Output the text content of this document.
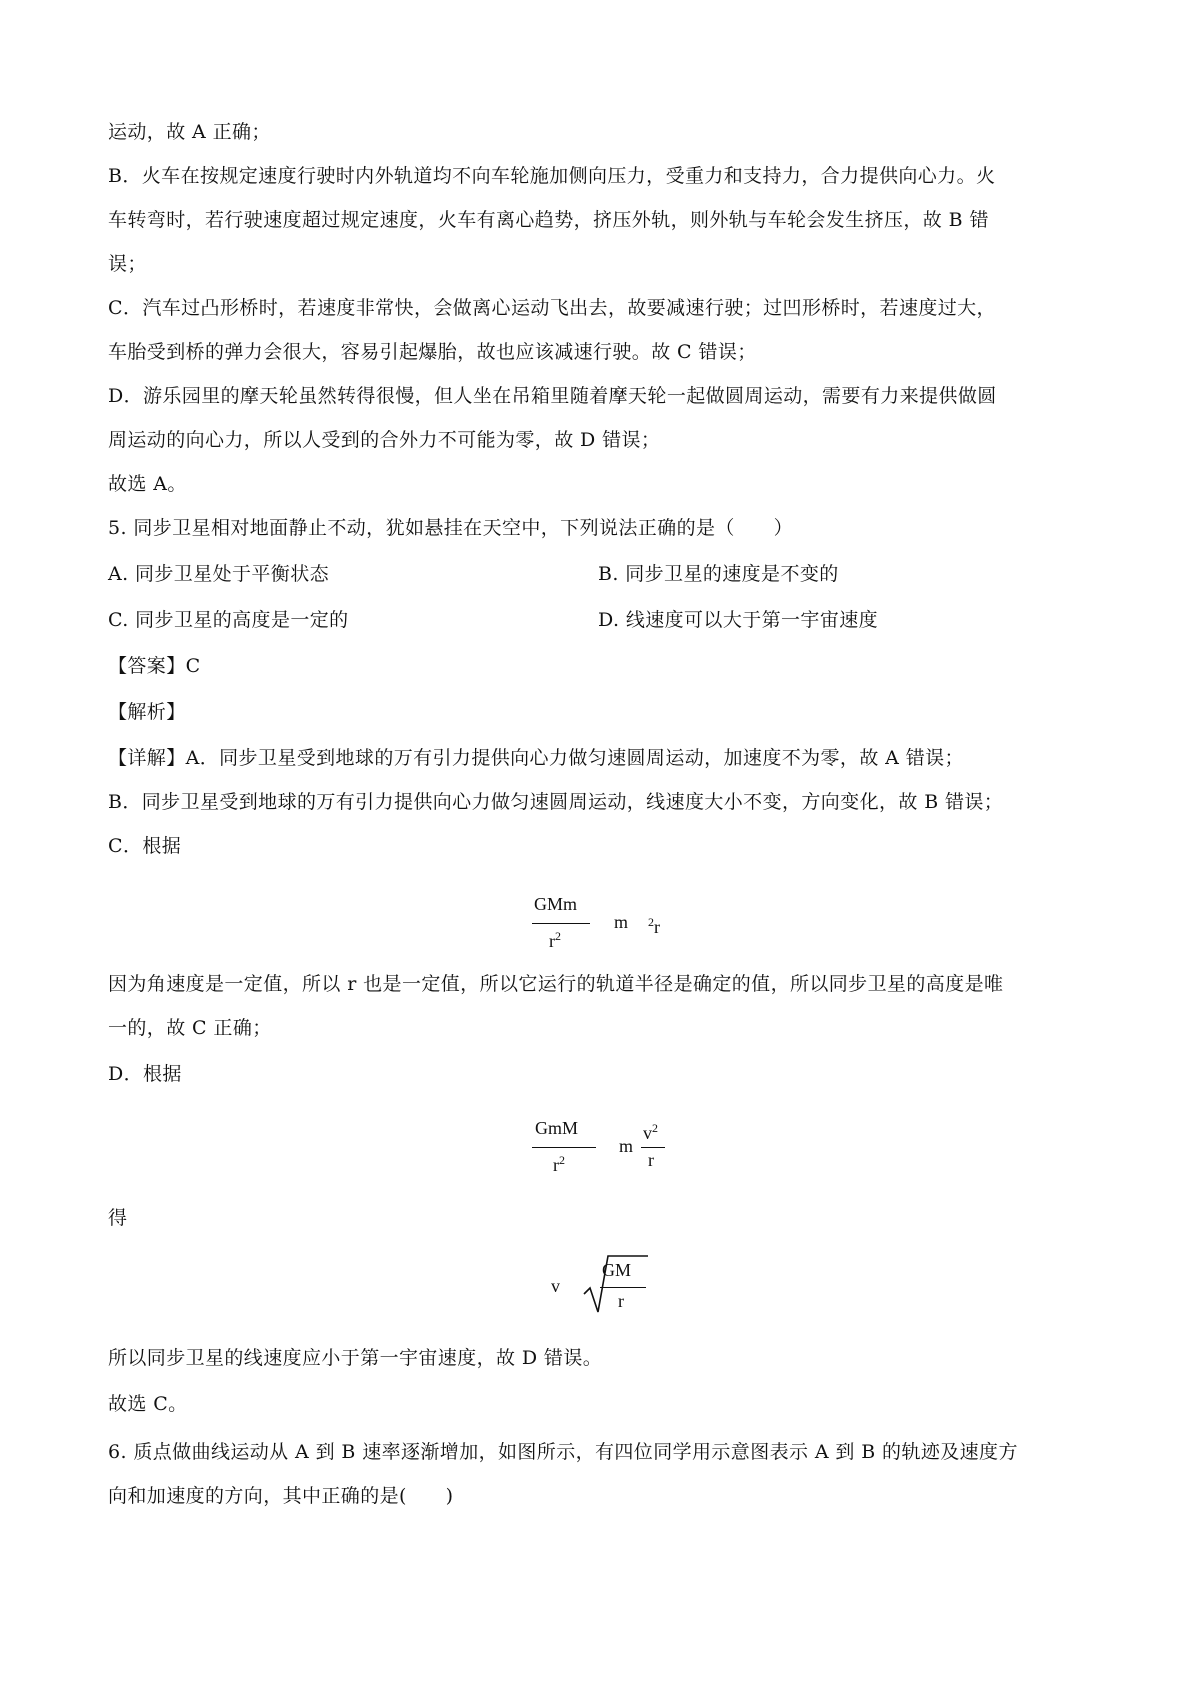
运动，故 A 正确；
B．火车在按规定速度行驶时内外轨道均不向车轮施加侧向压力，受重力和支持力，合力提供向心力。火
车转弯时，若行驶速度超过规定速度，火车有离心趋势，挤压外轨，则外轨与车轮会发生挤压，故 B 错
误；
C．汽车过凸形桥时，若速度非常快，会做离心运动飞出去，故要减速行驶；过凹形桥时，若速度过大，
车胎受到桥的弹力会很大，容易引起爆胎，故也应该减速行驶。故 C 错误；
D．游乐园里的摩天轮虽然转得很慢，但人坐在吊箱里随着摩天轮一起做圆周运动，需要有力来提供做圆
周运动的向心力，所以人受到的合外力不可能为零，故 D 错误；
故选 A。
5. 同步卫星相对地面静止不动，犹如悬挂在天空中，下列说法正确的是（　　）
A. 同步卫星处于平衡状态	B. 同步卫星的速度是不变的
C. 同步卫星的高度是一定的	D. 线速度可以大于第一宇宙速度
【答案】C
【解析】
【详解】A．同步卫星受到地球的万有引力提供向心力做匀速圆周运动，加速度不为零，故 A 错误；
B．同步卫星受到地球的万有引力提供向心力做匀速圆周运动，线速度大小不变，方向变化，故 B 错误；
C．根据
GMm
$r^2$
m $^2$r
因为角速度是一定值，所以 r 也是一定值，所以它运行的轨道半径是确定的值，所以同步卫星的高度是唯
一的，故 C 正确；
D．根据
GmM
$r^2$
m
$v^2$
r
得
v
GM
r
所以同步卫星的线速度应小于第一宇宙速度，故 D 错误。
故选 C。
6. 质点做曲线运动从 A 到 B 速率逐渐增加，如图所示，有四位同学用示意图表示 A 到 B 的轨迹及速度方
向和加速度的方向，其中正确的是(　　)
